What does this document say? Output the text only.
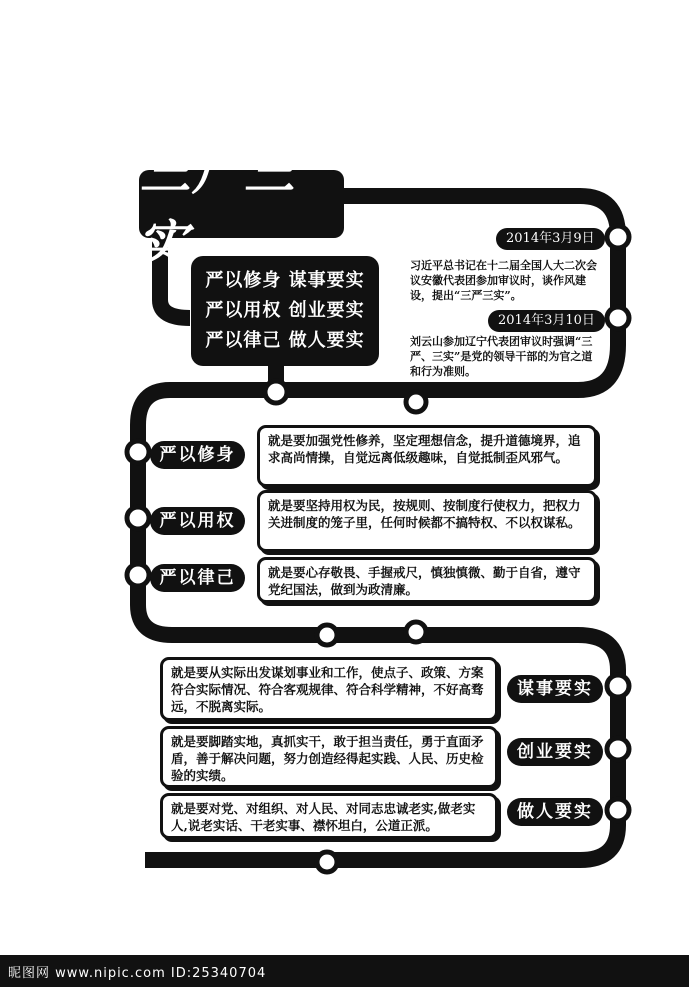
三严三实
严以修身 谋事要实
严以用权 创业要实
严以律己 做人要实
2014年3月9日
习近平总书记在十二届全国人大二次会议安徽代表团参加审议时，谈作风建设，提出“三严三实”。
2014年3月10日
刘云山参加辽宁代表团审议时强调“三严、三实”是党的领导干部的为官之道和行为准则。
严以修身
就是要加强党性修养，坚定理想信念，提升道德境界，追求高尚情操，自觉远离低级趣味，自觉抵制歪风邪气。
严以用权
就是要坚持用权为民，按规则、按制度行使权力，把权力关进制度的笼子里，任何时候都不搞特权、不以权谋私。
严以律己	就是要心存敬畏、手握戒尺，慎独慎微、勤于自省，遵守党纪国法，做到为政清廉。
就是要从实际出发谋划事业和工作，使点子、政策、方案符合实际情况、符合客观规律、符合科学精神，不好高骛远，不脱离实际。
谋事要实
就是要脚踏实地，真抓实干，敢于担当责任，勇于直面矛盾，善于解决问题，努力创造经得起实践、人民、历史检验的实绩。
创业要实
就是要对党、对组织、对人民、对同志忠诚老实,做老实人,说老实话、干老实事、襟怀坦白，公道正派。
做人要实
昵图网 www.nipic.com ID:25340704
